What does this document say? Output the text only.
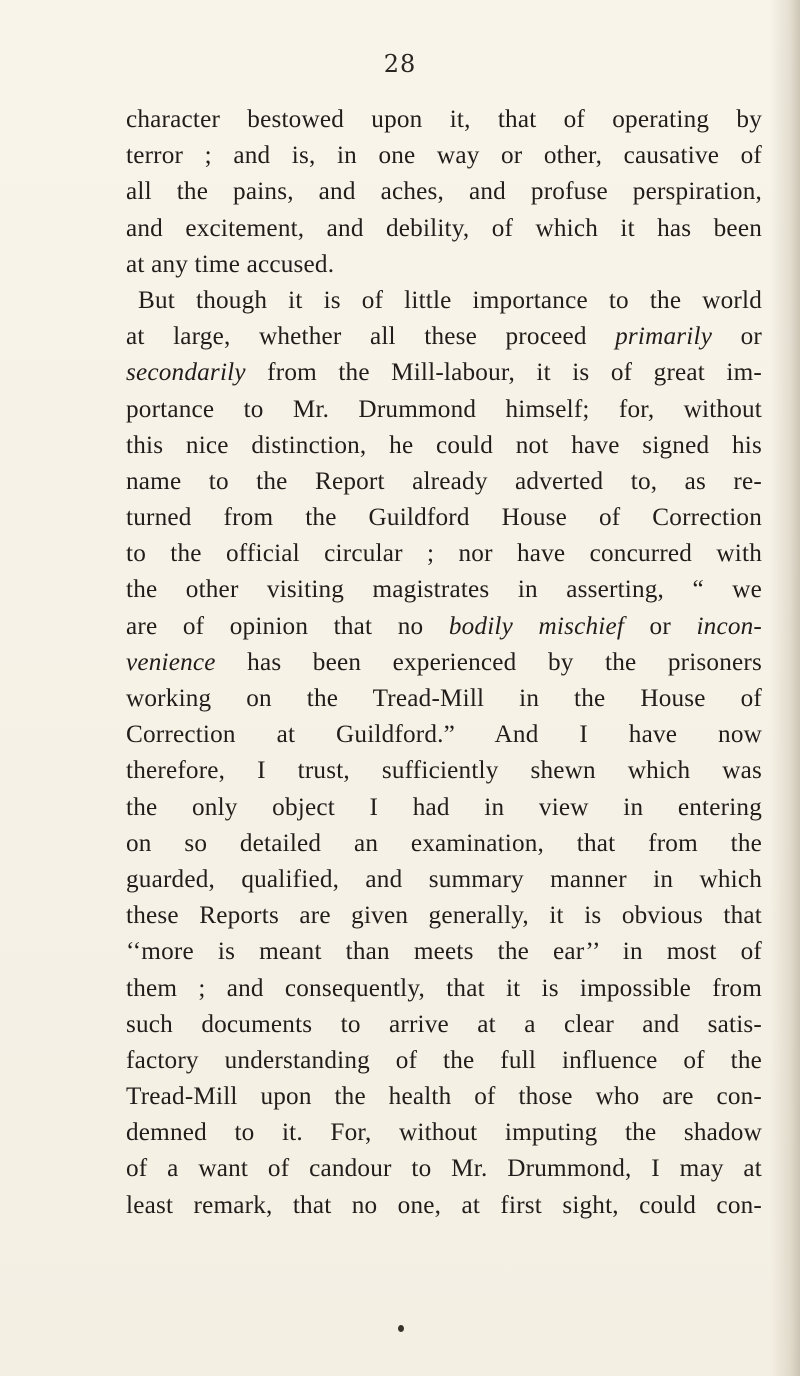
28
character bestowed upon it, that of operating by
terror ; and is, in one way or other, causative of
all the pains, and aches, and profuse perspiration,
and excitement, and debility, of which it has been
at any time accused.
But though it is of little importance to the world
at large, whether all these proceed primarily or
secondarily from the Mill-labour, it is of great im-
portance to Mr. Drummond himself; for, without
this nice distinction, he could not have signed his
name to the Report already adverted to, as re-
turned from the Guildford House of Correction
to the official circular ; nor have concurred with
the other visiting magistrates in asserting, “ we
are of opinion that no bodily mischief or incon-
venience has been experienced by the prisoners
working on the Tread-Mill in the House of
Correction at Guildford.” And I have now
therefore, I trust, sufficiently shewn which was
the only object I had in view in entering
on so detailed an examination, that from the
guarded, qualified, and summary manner in which
these Reports are given generally, it is obvious that
‘‘more is meant than meets the ear’’ in most of
them ; and consequently, that it is impossible from
such documents to arrive at a clear and satis-
factory understanding of the full influence of the
Tread-Mill upon the health of those who are con-
demned to it. For, without imputing the shadow
of a want of candour to Mr. Drummond, I may at
least remark, that no one, at first sight, could con-
